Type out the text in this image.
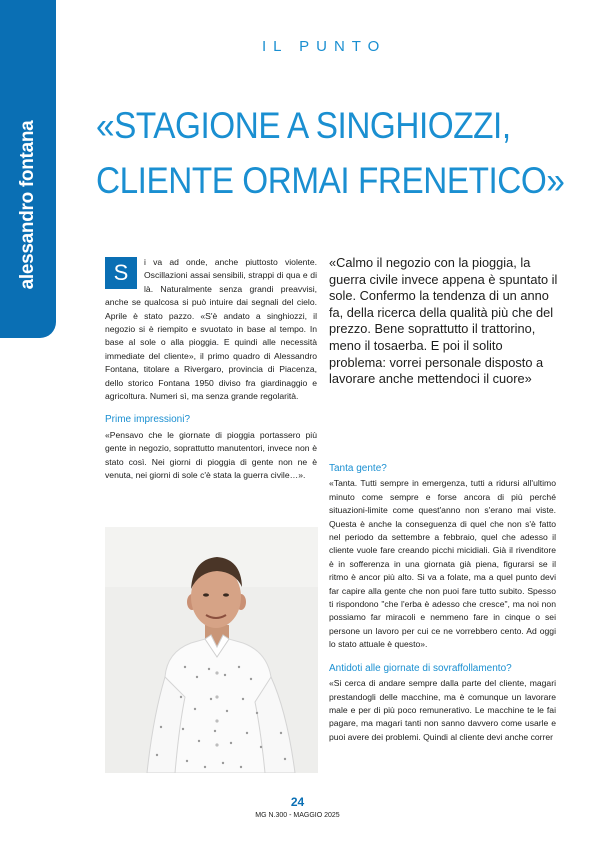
alessandro fontana
IL PUNTO
«STAGIONE A SINGHIOZZI,
CLIENTE ORMAI FRENETICO»
S	i va ad onde, anche piuttosto violente. Oscillazioni assai sensibili, strappi di qua e di là. Naturalmente senza grandi preavvisi, anche se qualcosa si può intuire dai segnali del cielo. Aprile è stato pazzo. «S'è andato a singhiozzi, il negozio si è riempito e svuotato in base al tempo. In base al sole o alla pioggia. E quindi alle necessità immediate del cliente», il primo quadro di Alessandro Fontana, titolare a Rivergaro, provincia di Piacenza, dello storico Fontana 1950 diviso fra giardinaggio e agricoltura. Numeri sì, ma senza grande regolarità.

Prime impressioni?

«Pensavo che le giornate di pioggia portassero più gente in negozio, soprattutto manutentori, invece non è stato così. Nei giorni di pioggia di gente non ne è venuta, nei giorni di sole c'è stata la guerra civile…».

«Calmo il negozio con la pioggia, la guerra civile invece appena è spuntato il sole. Confermo la tendenza di un anno fa, della ricerca della qualità più che del prezzo. Bene soprattutto il trattorino, meno il tosaerba. E poi il solito problema: vorrei personale disposto a lavorare anche mettendoci il cuore»

Tanta gente?

«Tanta. Tutti sempre in emergenza, tutti a ridursi all'ultimo minuto come sempre e forse ancora di più perché situazioni-limite come quest'anno non s'erano mai viste. Questa è anche la conseguenza di quel che non s'è fatto nel periodo da settembre a febbraio, quel che adesso il cliente vuole fare creando picchi micidiali. Già il rivenditore è in sofferenza in una giornata già piena, figurarsi se il ritmo è ancor più alto. Si va a folate, ma a quel punto devi far capire alla gente che non puoi fare tutto subito. Spesso ti rispondono "che l'erba è adesso che cresce", ma noi non possiamo far miracoli e nemmeno fare in cinque o sei persone un lavoro per cui ce ne vorrebbero cento. Ad oggi lo stato attuale è questo».

Antidoti alle giornate di sovraffollamento?

«Si cerca di andare sempre dalla parte del cliente, magari prestandogli delle macchine, ma è comunque un lavorare male e per di più poco remunerativo. Le macchine te le fai pagare, ma magari tanti non sanno davvero come usarle e puoi avere dei problemi. Quindi al cliente devi anche correr

24
MG N.300 - MAGGIO 2025
